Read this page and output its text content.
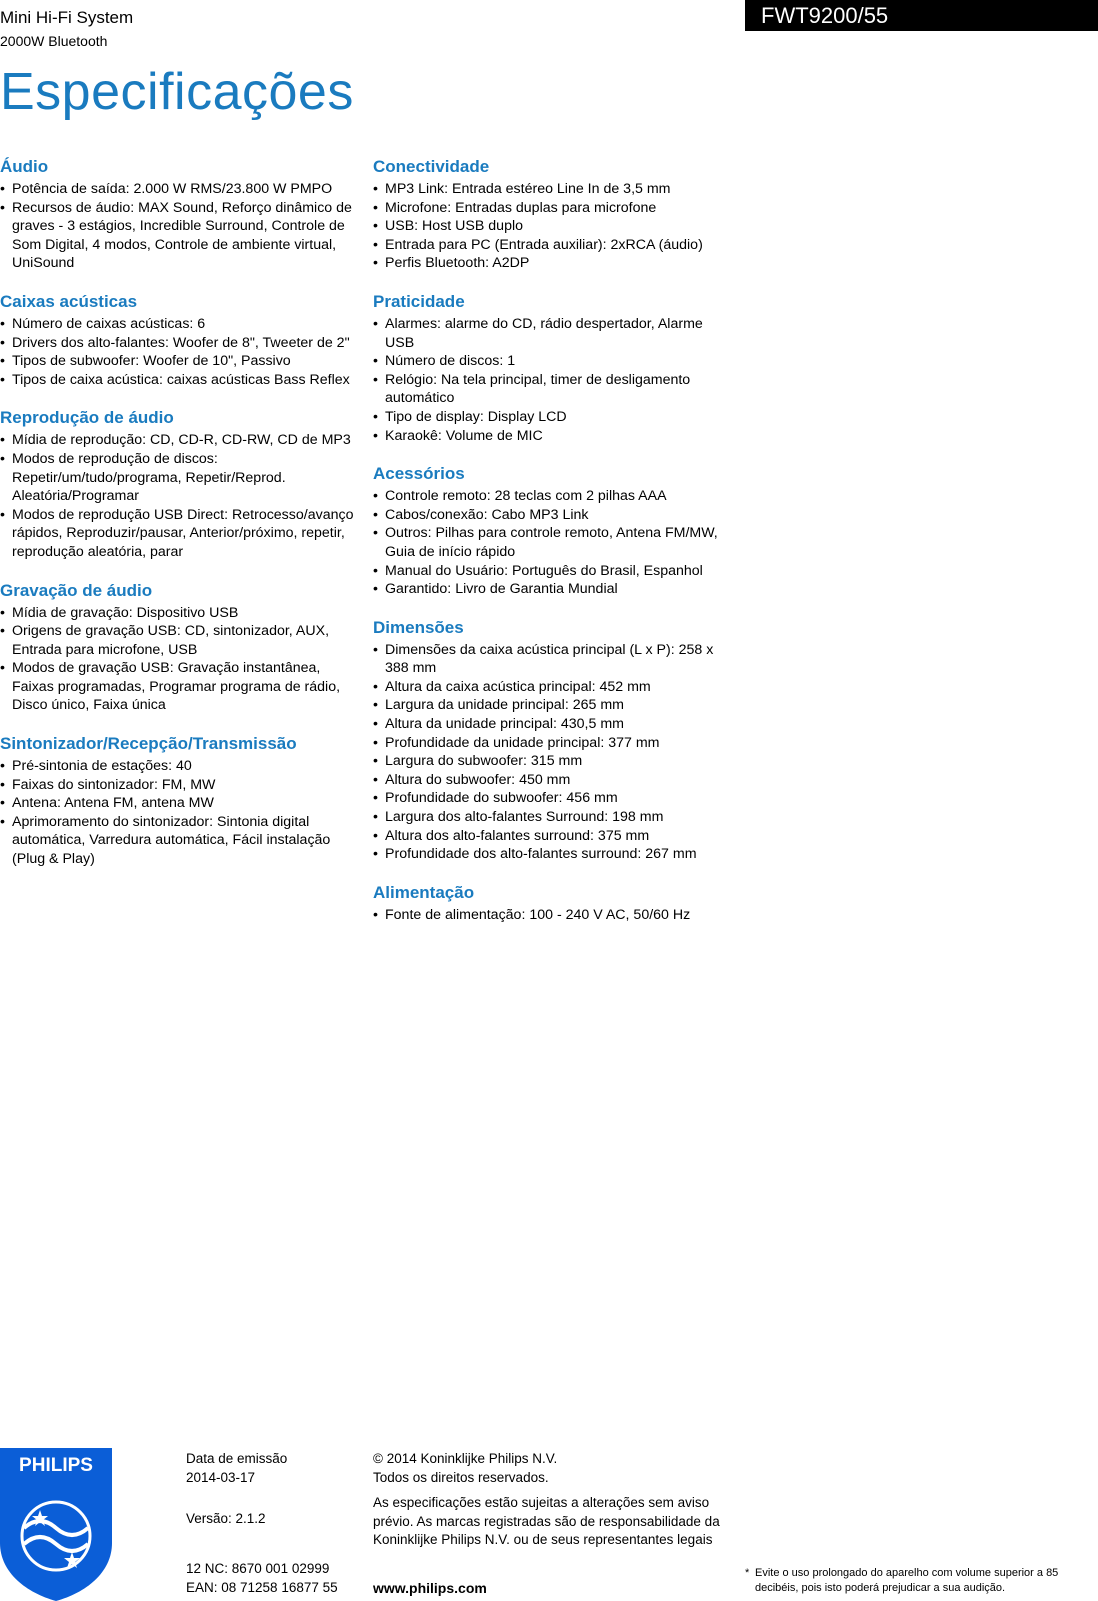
Mini Hi-Fi System
2000W Bluetooth
FWT9200/55
Especificações
Áudio
• Potência de saída: 2.000 W RMS/23.800 W PMPO
• Recursos de áudio: MAX Sound, Reforço dinâmico de graves - 3 estágios, Incredible Surround, Controle de Som Digital, 4 modos, Controle de ambiente virtual, UniSound
Caixas acústicas
• Número de caixas acústicas: 6
• Drivers dos alto-falantes: Woofer de 8", Tweeter de 2"
• Tipos de subwoofer: Woofer de 10", Passivo
• Tipos de caixa acústica: caixas acústicas Bass Reflex
Reprodução de áudio
• Mídia de reprodução: CD, CD-R, CD-RW, CD de MP3
• Modos de reprodução de discos: Repetir/um/tudo/programa, Repetir/Reprod. Aleatória/Programar
• Modos de reprodução USB Direct: Retrocesso/avanço rápidos, Reproduzir/pausar, Anterior/próximo, repetir, reprodução aleatória, parar
Gravação de áudio
• Mídia de gravação: Dispositivo USB
• Origens de gravação USB: CD, sintonizador, AUX, Entrada para microfone, USB
• Modos de gravação USB: Gravação instantânea, Faixas programadas, Programar programa de rádio, Disco único, Faixa única
Sintonizador/Recepção/Transmissão
• Pré-sintonia de estações: 40
• Faixas do sintonizador: FM, MW
• Antena: Antena FM, antena MW
• Aprimoramento do sintonizador: Sintonia digital automática, Varredura automática, Fácil instalação (Plug & Play)
Conectividade
• MP3 Link: Entrada estéreo Line In de 3,5 mm
• Microfone: Entradas duplas para microfone
• USB: Host USB duplo
• Entrada para PC (Entrada auxiliar): 2xRCA (áudio)
• Perfis Bluetooth: A2DP
Praticidade
• Alarmes: alarme do CD, rádio despertador, Alarme USB
• Número de discos: 1
• Relógio: Na tela principal, timer de desligamento automático
• Tipo de display: Display LCD
• Karaokê: Volume de MIC
Acessórios
• Controle remoto: 28 teclas com 2 pilhas AAA
• Cabos/conexão: Cabo MP3 Link
• Outros: Pilhas para controle remoto, Antena FM/MW, Guia de início rápido
• Manual do Usuário: Português do Brasil, Espanhol
• Garantido: Livro de Garantia Mundial
Dimensões
• Dimensões da caixa acústica principal (L x P): 258 x 388 mm
• Altura da caixa acústica principal: 452 mm
• Largura da unidade principal: 265 mm
• Altura da unidade principal: 430,5 mm
• Profundidade da unidade principal: 377 mm
• Largura do subwoofer: 315 mm
• Altura do subwoofer: 450 mm
• Profundidade do subwoofer: 456 mm
• Largura dos alto-falantes Surround: 198 mm
• Altura dos alto-falantes surround: 375 mm
• Profundidade dos alto-falantes surround: 267 mm
Alimentação
• Fonte de alimentação: 100 - 240 V AC, 50/60 Hz
PHILIPS	Data de emissão
2014-03-17
Versão: 2.1.2
12 NC: 8670 001 02999
EAN: 08 71258 16877 55
© 2014 Koninklijke Philips N.V.
Todos os direitos reservados.
As especificações estão sujeitas a alterações sem aviso prévio. As marcas registradas são de responsabilidade da Koninklijke Philips N.V. ou de seus representantes legais
www.philips.com
* Evite o uso prolongado do aparelho com volume superior a 85 decibéis, pois isto poderá prejudicar a sua audição.
